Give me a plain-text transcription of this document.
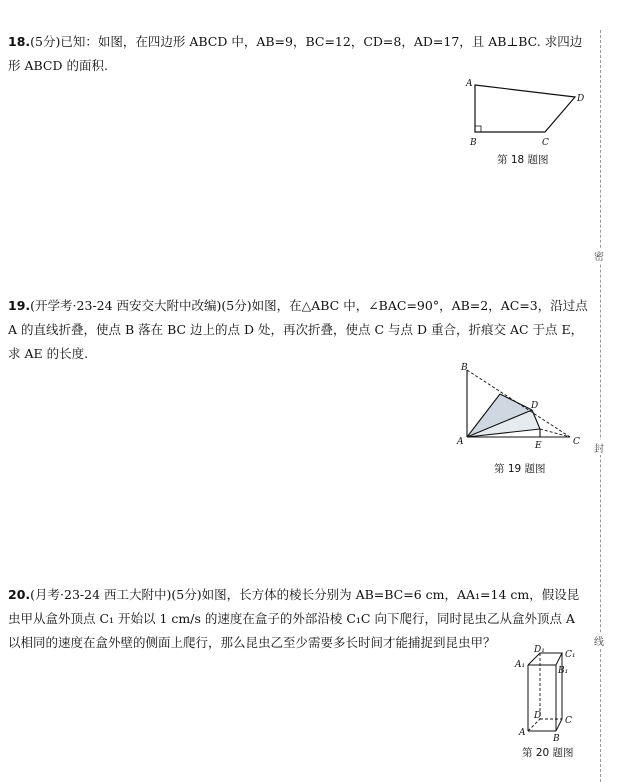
密
封
线
18.(5分)已知：如图，在四边形 ABCD 中，AB=9，BC=12，CD=8，AD=17，且 AB⊥BC. 求四边形 ABCD 的面积.
A
D
B	C
第 18 题图
19.(开学考·23-24 西安交大附中改编)(5分)如图，在△ABC 中，∠BAC=90°，AB=2，AC=3，沿过点 A 的直线折叠，使点 B 落在 BC 边上的点 D 处，再次折叠，使点 C 与点 D 重合，折痕交 AC 于点 E，求 AE 的长度.
B
D
A	E	C
第 19 题图
20.(月考·23-24 西工大附中)(5分)如图，长方体的棱长分别为 AB=BC=6 cm，AA₁=14 cm，假设昆虫甲从盒外顶点 C₁ 开始以 1 cm/s 的速度在盒子的外部沿棱 C₁C 向下爬行，同时昆虫乙从盒外顶点 A 以相同的速度在盒外壁的侧面上爬行，那么昆虫乙至少需要多长时间才能捕捉到昆虫甲？	D₁ C₁
A₁
B₁
D	C
A
B
第 20 题图
